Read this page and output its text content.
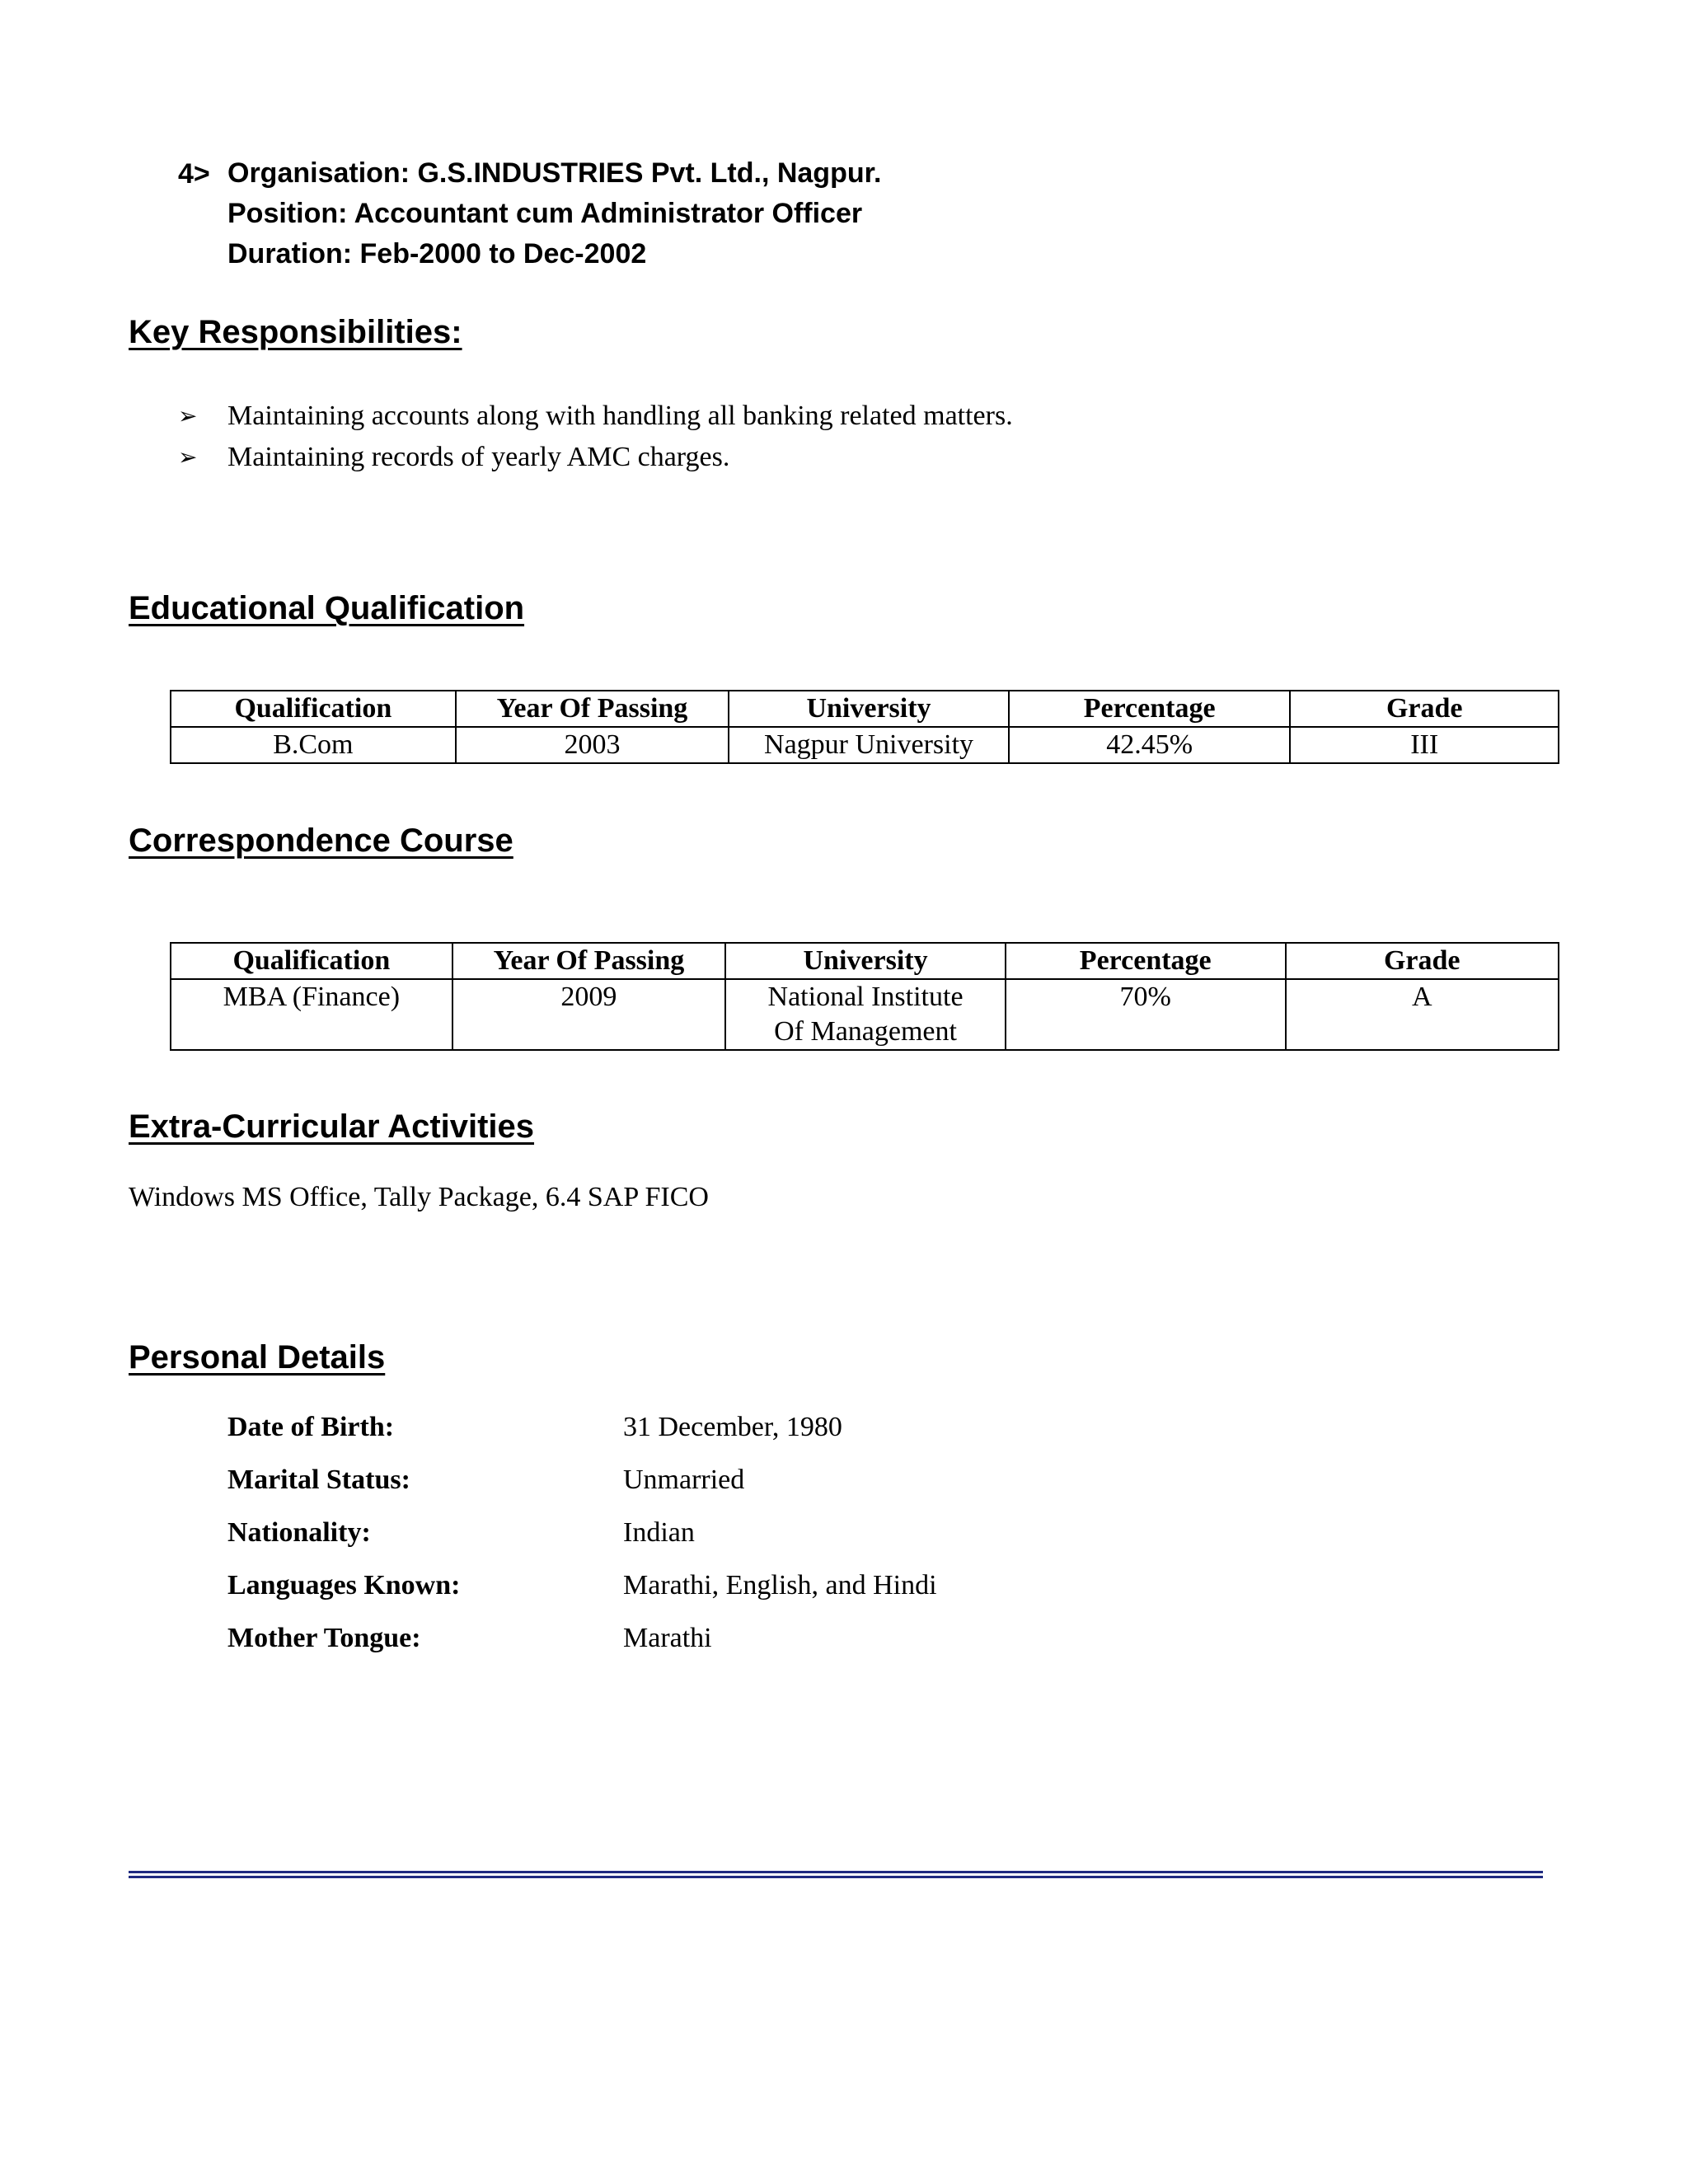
4> Organisation: G.S.INDUSTRIES Pvt. Ltd., Nagpur.
Position: Accountant cum Administrator Officer
Duration: Feb-2000 to Dec-2002
Key Responsibilities:
➢	Maintaining accounts along with handling all banking related matters.
➢	Maintaining records of yearly AMC charges.
Educational Qualification
Qualification	Year Of Passing	University	Percentage	Grade
B.Com	2003	Nagpur University	42.45%	III
Correspondence Course
Qualification	Year Of Passing	University	Percentage	Grade
MBA (Finance)	2009	National Institute Of Management	70%	A
Extra-Curricular Activities
Windows MS Office, Tally Package, 6.4 SAP FICO
Personal Details
Date of Birth:	31 December, 1980
Marital Status:	Unmarried
Nationality:	Indian
Languages Known:	Marathi, English, and Hindi
Mother Tongue:	Marathi
